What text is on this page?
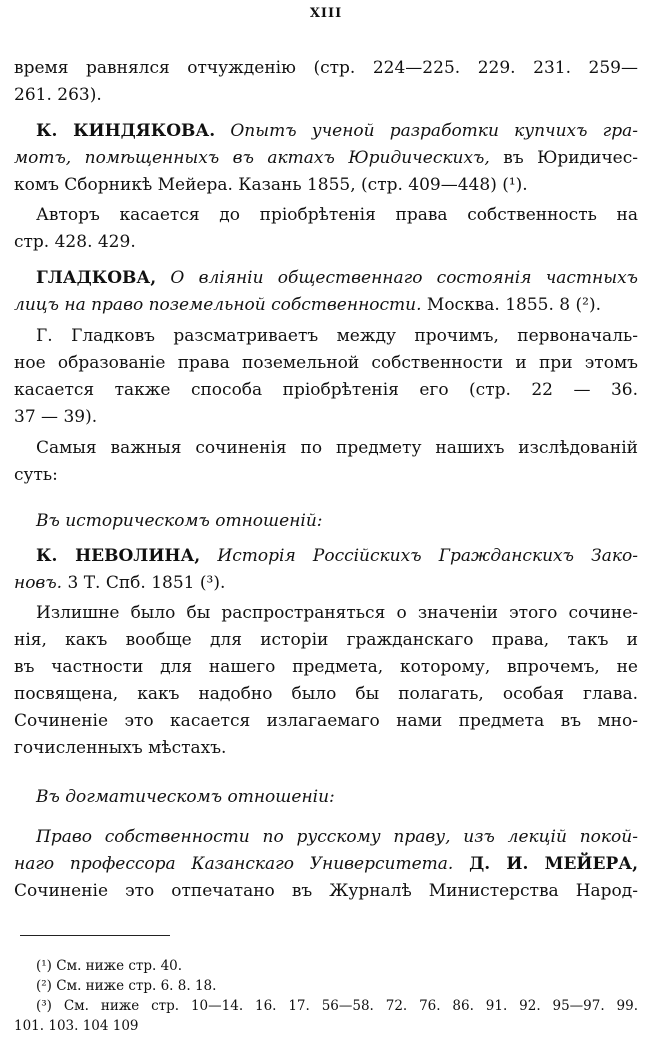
XIII
время равнялся отчужденію (стр. 224—225. 229. 231. 259—
261. 263).
К. КИНДЯКОВА. Опытъ ученой разработки купчихъ гра-
мотъ, помѣщенныхъ въ актахъ Юридическихъ, въ Юридичес-
комъ Сборникѣ Мейера. Казань 1855, (стр. 409—448) (¹).
Авторъ касается до пріобрѣтенія права собственность на
стр. 428. 429.
ГЛАДКОВА, О вліяніи общественнаго состоянія частныхъ
лицъ на право поземельной собственности. Москва. 1855. 8 (²).
Г. Гладковъ разсматриваетъ между прочимъ, первоначаль-
ное образованіе права поземельной собственности и при этомъ
касается также способа пріобрѣтенія его (стр. 22 — 36.
37 — 39).
Самыя важныя сочиненія по предмету нашихъ изслѣдованій
суть:
Въ историческомъ отношеній:
К. НЕВОЛИНА, Исторія Россійскихъ Гражданскихъ Зако-
новъ. 3 Т. Спб. 1851 (³).
Излишне было бы распространяться о значеніи этого сочине-
нія, какъ вообще для исторіи гражданскаго права, такъ и
въ частности для нашего предмета, которому, впрочемъ, не
посвящена, какъ надобно было бы полагать, особая глава.
Сочиненіе это касается излагаемаго нами предмета въ мно-
гочисленныхъ мѣстахъ.
Въ догматическомъ отношеніи:
Право собственности по русскому праву, изъ лекцій покой-
наго профессора Казанскаго Университета. Д. И. МЕЙЕРА,
Сочиненіе это отпечатано въ Журналѣ Министерства Народ-
(¹) См. ниже стр. 40.
(²) См. ниже стр. 6. 8. 18.
(³) См. ниже стр. 10—14. 16. 17. 56—58. 72. 76. 86. 91. 92. 95—97. 99.
101. 103. 104 109
